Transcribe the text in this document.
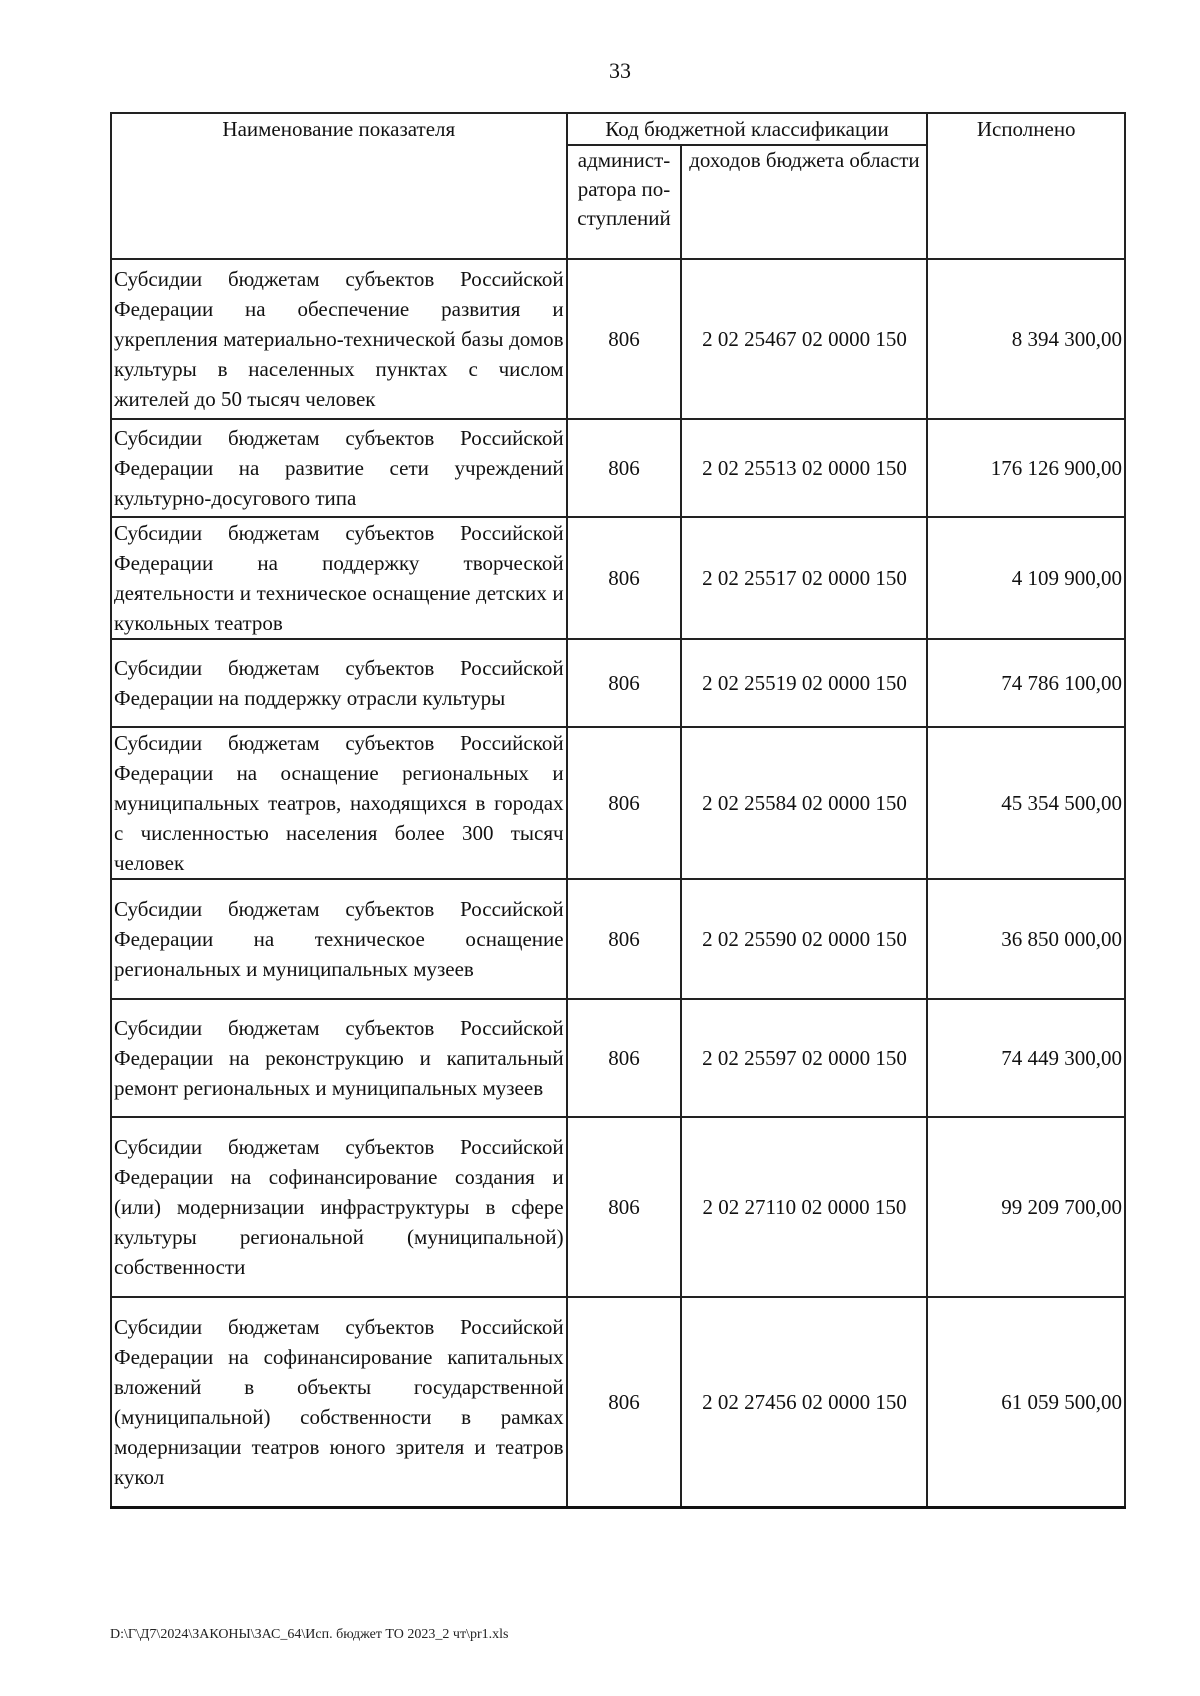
33
Наименование показателя	Код бюджетной классификации		Исполнено
	админист-ратора по-ступлений	доходов бюджета области	
Субсидии бюджетам субъектов Российской Федерации на обеспечение развития и укрепления материально-технической базы домов культуры в населенных пунктах с числом жителей до 50 тысяч человек	806	2 02 25467 02 0000 150	8 394 300,00
Субсидии бюджетам субъектов Российской Федерации на развитие сети учреждений культурно-досугового типа	806	2 02 25513 02 0000 150	176 126 900,00
Субсидии бюджетам субъектов Российской Федерации на поддержку творческой деятельности и техническое оснащение детских и кукольных театров	806	2 02 25517 02 0000 150	4 109 900,00
Субсидии бюджетам субъектов Российской Федерации на поддержку отрасли культуры	806	2 02 25519 02 0000 150	74 786 100,00
Субсидии бюджетам субъектов Российской Федерации на оснащение региональных и муниципальных театров, находящихся в городах с численностью населения более 300 тысяч человек	806	2 02 25584 02 0000 150	45 354 500,00
Субсидии бюджетам субъектов Российской Федерации на техническое оснащение региональных и муниципальных музеев	806	2 02 25590 02 0000 150	36 850 000,00
Субсидии бюджетам субъектов Российской Федерации на реконструкцию и капитальный ремонт региональных и муниципальных музеев	806	2 02 25597 02 0000 150	74 449 300,00
Субсидии бюджетам субъектов Российской Федерации на софинансирование создания и (или) модернизации инфраструктуры в сфере культуры региональной (муниципальной) собственности	806	2 02 27110 02 0000 150	99 209 700,00
Субсидии бюджетам субъектов Российской Федерации на софинансирование капитальных вложений в объекты государственной (муниципальной) собственности в рамках модернизации театров юного зрителя и театров кукол	806	2 02 27456 02 0000 150	61 059 500,00
D:\Г\Д7\2024\ЗАКОНЫ\ЗАС_64\Исп. бюджет ТО 2023_2 чт\pr1.xls
